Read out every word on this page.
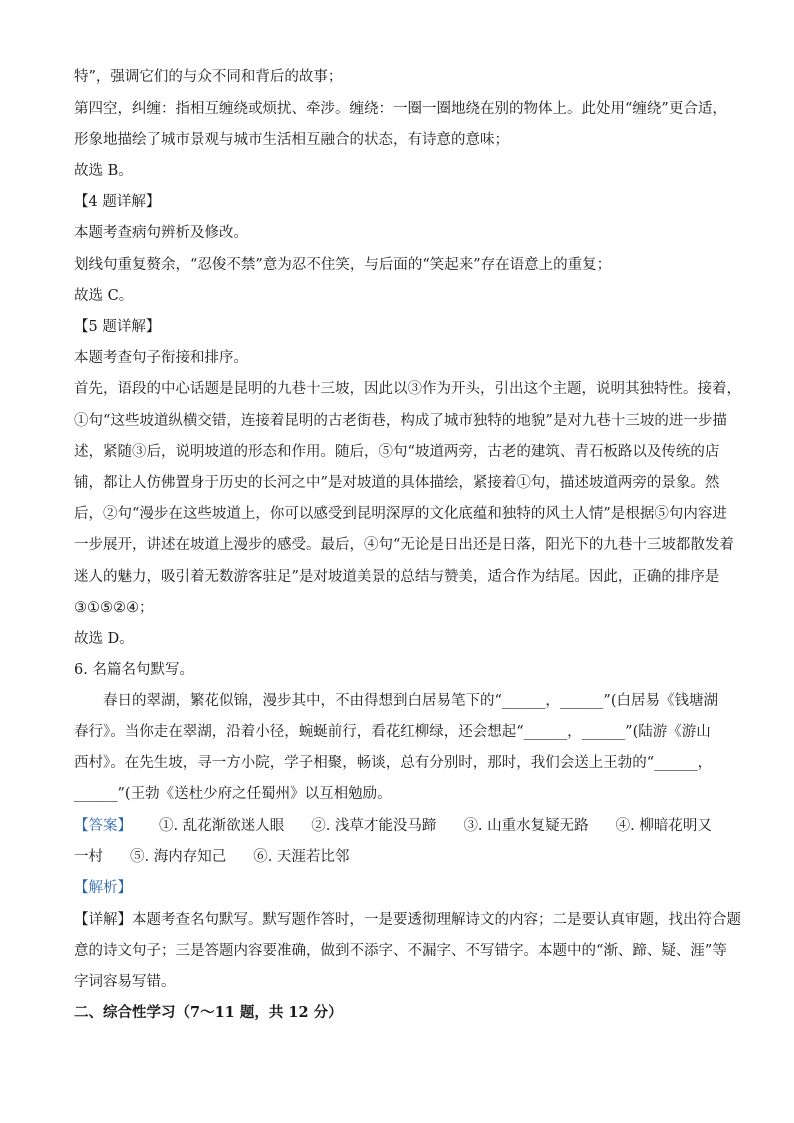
特”，强调它们的与众不同和背后的故事；
第四空，纠缠：指相互缠绕或烦扰、牵涉。缠绕：一圈一圈地绕在别的物体上。此处用“缠绕”更合适，
形象地描绘了城市景观与城市生活相互融合的状态，有诗意的意味；
故选 B。
【4 题详解】
本题考查病句辨析及修改。
划线句重复赘余，“忍俊不禁”意为忍不住笑，与后面的“笑起来”存在语意上的重复；
故选 C。
【5 题详解】
本题考查句子衔接和排序。
首先，语段的中心话题是昆明的九巷十三坡，因此以③作为开头，引出这个主题，说明其独特性。接着，
①句“这些坡道纵横交错，连接着昆明的古老街巷，构成了城市独特的地貌”是对九巷十三坡的进一步描
述，紧随③后，说明坡道的形态和作用。随后，⑤句“坡道两旁，古老的建筑、青石板路以及传统的店
铺，都让人仿佛置身于历史的长河之中”是对坡道的具体描绘，紧接着①句，描述坡道两旁的景象。然
后，②句“漫步在这些坡道上，你可以感受到昆明深厚的文化底蕴和独特的风土人情”是根据⑤句内容进
一步展开，讲述在坡道上漫步的感受。最后，④句“无论是日出还是日落，阳光下的九巷十三坡都散发着
迷人的魅力，吸引着无数游客驻足”是对坡道美景的总结与赞美，适合作为结尾。因此，正确的排序是
③①⑤②④；
故选 D。
6. 名篇名句默写。
春日的翠湖，繁花似锦，漫步其中，不由得想到白居易笔下的“______，______”(白居易《钱塘湖
春行》。当你走在翠湖，沿着小径，蜿蜒前行，看花红柳绿，还会想起“______，______”(陆游《游山
西村》。在先生坡，寻一方小院，学子相聚，畅谈，总有分别时，那时，我们会送上王勃的“______，
______”(王勃《送杜少府之任蜀州》以互相勉励。
【答案】 ①. 乱花渐欲迷人眼 ②. 浅草才能没马蹄 ③. 山重水复疑无路 ④. 柳暗花明又
一村 ⑤. 海内存知己 ⑥. 天涯若比邻
【解析】
【详解】本题考查名句默写。默写题作答时，一是要透彻理解诗文的内容；二是要认真审题，找出符合题
意的诗文句子；三是答题内容要准确，做到不添字、不漏字、不写错字。本题中的“渐、蹄、疑、涯”等
字词容易写错。
二、综合性学习（7～11 题，共 12 分）
